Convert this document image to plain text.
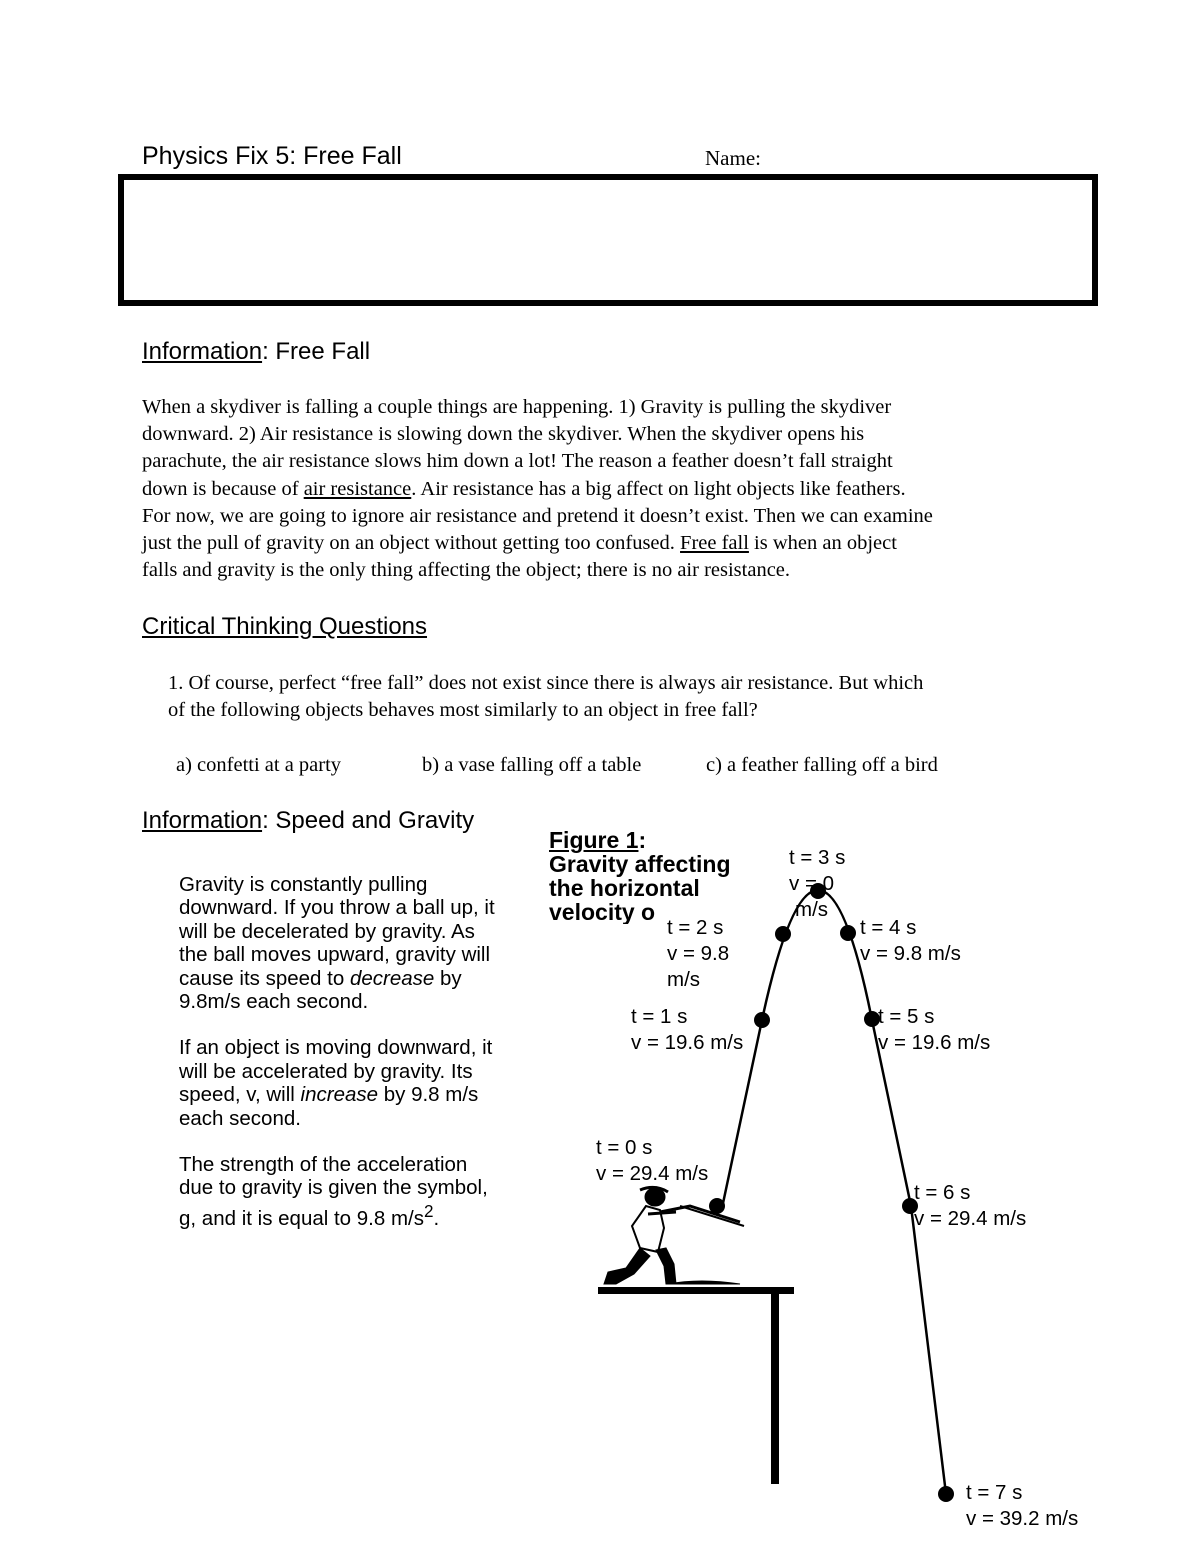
Physics Fix 5: Free Fall	Name:
Information: Free Fall

When a skydiver is falling a couple things are happening. 1) Gravity is pulling the skydiver

downward. 2) Air resistance is slowing down the skydiver. When the skydiver opens his

parachute, the air resistance slows him down a lot! The reason a feather doesn’t fall straight

down is because of air resistance. Air resistance has a big affect on light objects like feathers.

For now, we are going to ignore air resistance and pretend it doesn’t exist. Then we can examine

just the pull of gravity on an object without getting too confused. Free fall is when an object

falls and gravity is the only thing affecting the object; there is no air resistance.

Critical Thinking Questions

1. Of course, perfect “free fall” does not exist since there is always air resistance. But which

of the following objects behaves most similarly to an object in free fall?

a) confetti at a party	b) a vase falling off a table	c) a feather falling off a bird
Information: Speed and Gravity

Gravity is constantly pulling downward. If you throw a ball up, it will be decelerated by gravity. As the ball moves upward, gravity will cause its speed to decrease by 9.8m/s each second.

If an object is moving downward, it will be accelerated by gravity. Its speed, v, will increase by 9.8 m/s each second.

The strength of the acceleration due to gravity is given the symbol, g, and it is equal to 9.8 $m/s^2$.

Figure 1:
Gravity affecting
the horizontal
velocity o
t = 0 s
v = 29.4 m/s
t = 1 s
v = 19.6 m/s
t = 2 s
v = 9.8
m/s
t = 3 s
v = 0
m/s
t = 4 s
v = 9.8 m/s
t = 5 s
v = 19.6 m/s
t = 6 s
v = 29.4 m/s
t = 7 s
v = 39.2 m/s
